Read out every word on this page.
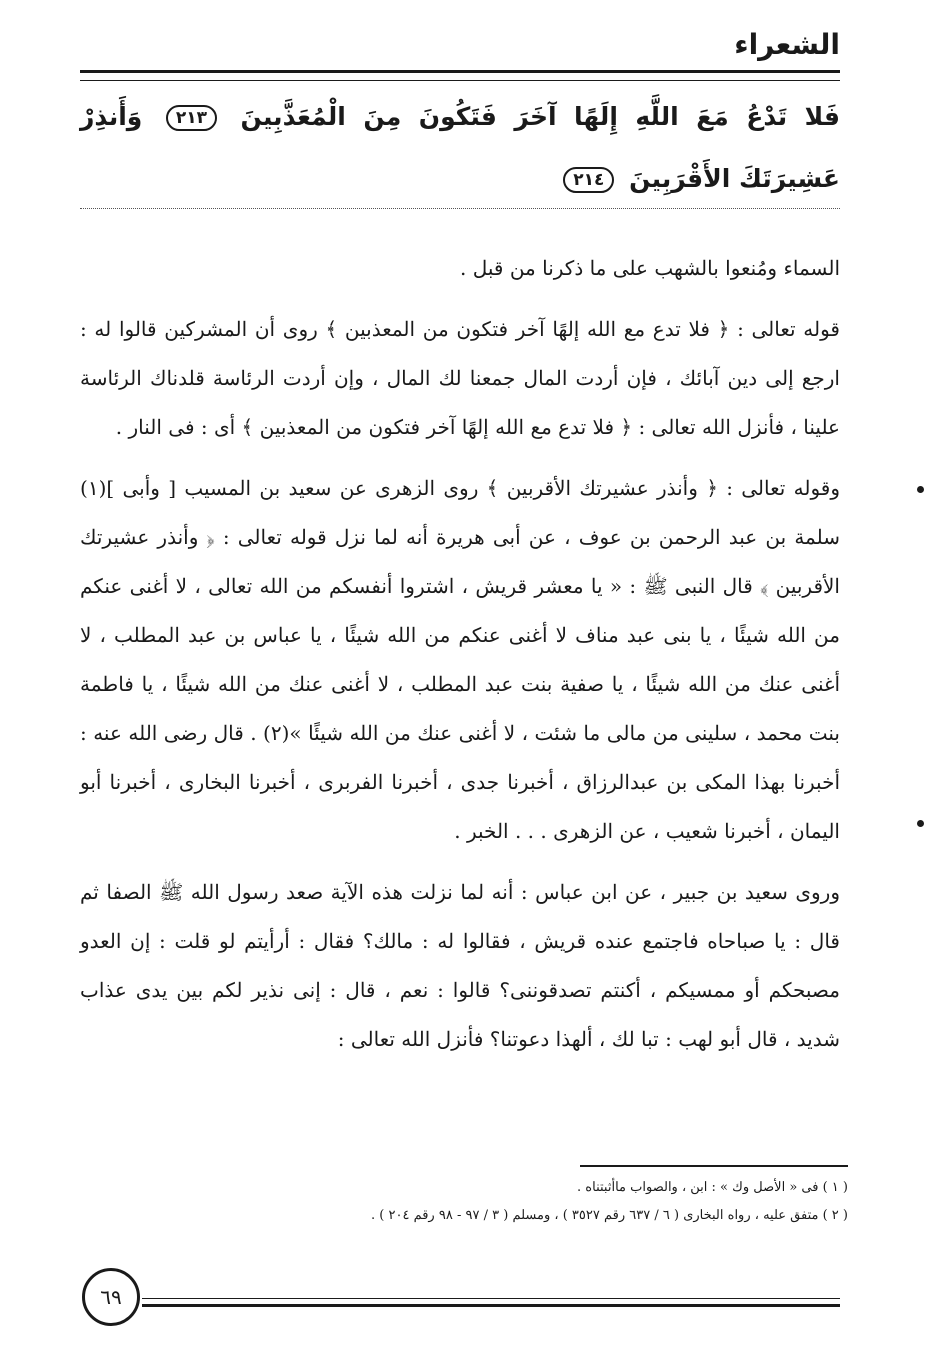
الشعراء
فَلا تَدْعُ مَعَ اللَّهِ إِلَهًا آخَرَ فَتَكُونَ مِنَ الْمُعَذَّبِينَ ٢١٣ وَأَنذِرْ عَشِيرَتَكَ الأَقْرَبِينَ ٢١٤

السماء ومُنعوا بالشهب على ما ذكرنا من قبل .

قوله تعالى : ﴿ فلا تدع مع الله إلهًا آخر فتكون من المعذبين ﴾ روى أن المشركين قالوا له : ارجع إلى دين آبائك ، فإن أردت المال جمعنا لك المال ، وإن أردت الرئاسة قلدناك الرئاسة علينا ، فأنزل الله تعالى : ﴿ فلا تدع مع الله إلهًا آخر فتكون من المعذبين ﴾ أى : فى النار .

وقوله تعالى : ﴿ وأنذر عشيرتك الأقربين ﴾ روى الزهرى عن سعيد بن المسيب [ وأبى ](١) سلمة بن عبد الرحمن بن عوف ، عن أبى هريرة أنه لما نزل قوله تعالى : ﴿ وأنذر عشيرتك الأقربين ﴾ قال النبى ﷺ : « يا معشر قريش ، اشتروا أنفسكم من الله تعالى ، لا أغنى عنكم من الله شيئًا ، يا بنى عبد مناف لا أغنى عنكم من الله شيئًا ، يا عباس بن عبد المطلب ، لا أغنى عنك من الله شيئًا ، يا صفية بنت عبد المطلب ، لا أغنى عنك من الله شيئًا ، يا فاطمة بنت محمد ، سلينى من مالى ما شئت ، لا أغنى عنك من الله شيئًا »(٢) . قال رضى الله عنه : أخبرنا بهذا المكى بن عبدالرزاق ، أخبرنا جدى ، أخبرنا الفربرى ، أخبرنا البخارى ، أخبرنا أبو اليمان ، أخبرنا شعيب ، عن الزهرى . . . الخبر .

وروى سعيد بن جبير ، عن ابن عباس : أنه لما نزلت هذه الآية صعد رسول الله ﷺ الصفا ثم قال : يا صباحاه فاجتمع عنده قريش ، فقالوا له : مالك؟ فقال : أرأيتم لو قلت : إن العدو مصبحكم أو ممسيكم ، أكنتم تصدقوننى؟ قالوا : نعم ، قال : إنى نذير لكم بين يدى عذاب شديد ، قال أبو لهب : تبا لك ، ألهذا دعوتنا؟ فأنزل الله تعالى :

( ١ ) فى « الأصل وك » : ابن ، والصواب ماأثبتناه .

( ٢ ) متفق عليه ، رواه البخارى ( ٦ / ٦٣٧ رقم ٣٥٢٧ ) ، ومسلم ( ٣ / ٩٧ - ٩٨ رقم ٢٠٤ ) .

٦٩
